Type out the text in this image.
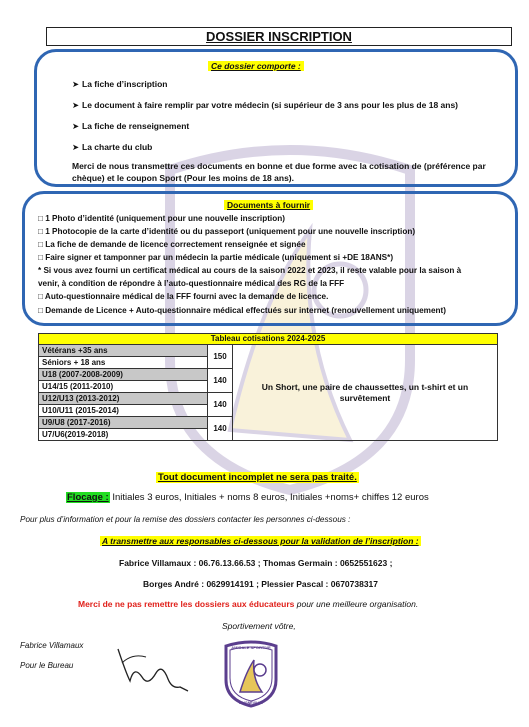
DOSSIER INSCRIPTION
Ce dossier comporte :
➤ La fiche d’inscription
➤ Le document à faire remplir par votre médecin (si supérieur de 3 ans pour les plus de 18 ans)
➤ La fiche de renseignement
➤ La charte du club
Merci de nous transmettre ces documents en bonne et due forme avec la cotisation de (préférence par
chèque) et le coupon Sport (Pour les moins de 18 ans).
Documents à fournir
□ 1 Photo d’identité (uniquement pour une nouvelle inscription)
□ 1 Photocopie de la carte d’identité ou du passeport (uniquement pour une nouvelle inscription)
□ La fiche de demande de licence correctement renseignée et signée
□ Faire signer et tamponner par un médecin la partie médicale (uniquement si +DE 18ANS*)
* Si vous avez fourni un certificat médical au cours de la saison 2022 et 2023, il reste valable pour la saison à
venir, à condition de répondre à l’auto-questionnaire médical des RG de la FFF
□ Auto-questionnaire médical de la FFF fourni avec la demande de licence.
□ Demande de Licence + Auto-questionnaire médical effectués sur internet (renouvellement uniquement)
Tableau cotisations 2024-2025
Vétérans +35 ans	150	Un Short, une paire de chaussettes, un t-shirt et un survêtement

Séniors + 18 ans		
U18 (2007-2008-2009)	140	
U14/15 (2011-2010)		
U12/U13 (2013-2012)	140	
U10/U11 (2015-2014)		
U9/U8 (2017-2016)	140	
U7/U6(2019-2018)		
Tout document incomplet ne sera pas traité.
Flocage : Initiales 3 euros, Initiales + noms 8 euros, Initiales +noms+ chiffes 12 euros
Pour plus d’information et pour la remise des dossiers contacter les personnes ci-dessous :
A transmettre aux responsables ci-dessous pour la validation de l’inscription :
Fabrice Villamaux : 06.76.13.66.53 ; Thomas Germain : 0652551623 ;
Borges André : 0629914191 ; Plessier Pascal : 0670738317
Merci de ne pas remettre les dossiers aux éducateurs pour une meilleure organisation.
Sportivement vôtre,
Fabrice Villamaux
Pour le Bureau
AMICALE SPORTIVE
LAIGNEVILLE
